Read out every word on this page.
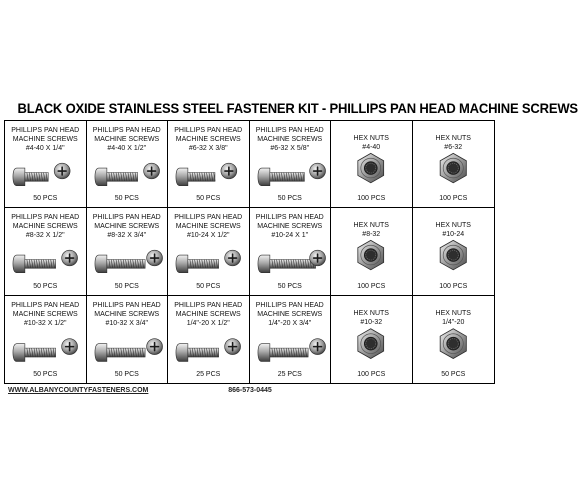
BLACK OXIDE STAINLESS STEEL FASTENER KIT - PHILLIPS PAN HEAD MACHINE SCREWS
PHILLIPS PAN HEAD
MACHINE SCREWS
#4-40 X 1/4"
50 PCS
PHILLIPS PAN HEAD
MACHINE SCREWS
#4-40 X 1/2"
50 PCS
PHILLIPS PAN HEAD
MACHINE SCREWS
#6-32 X 3/8"
50 PCS
PHILLIPS PAN HEAD
MACHINE SCREWS
#6-32 X 5/8"
50 PCS
HEX NUTS
#4-40
100 PCS
HEX NUTS
#6-32
100 PCS
PHILLIPS PAN HEAD
MACHINE SCREWS
#8-32 X 1/2"
50 PCS
PHILLIPS PAN HEAD
MACHINE SCREWS
#8-32 X 3/4"
50 PCS
PHILLIPS PAN HEAD
MACHINE SCREWS
#10-24 X 1/2"
50 PCS
PHILLIPS PAN HEAD
MACHINE SCREWS
#10-24 X 1"
50 PCS
HEX NUTS
#8-32
100 PCS
HEX NUTS
#10-24
100 PCS
PHILLIPS PAN HEAD
MACHINE SCREWS
#10-32 X 1/2"
50 PCS
PHILLIPS PAN HEAD
MACHINE SCREWS
#10-32 X 3/4"
50 PCS
PHILLIPS PAN HEAD
MACHINE SCREWS
1/4"-20 X 1/2"
25 PCS
PHILLIPS PAN HEAD
MACHINE SCREWS
1/4"-20 X 3/4"
25 PCS
HEX NUTS
#10-32
100 PCS
HEX NUTS
1/4"-20
50 PCS
WWW.ALBANYCOUNTYFASTENERS.COM	866-573-0445
